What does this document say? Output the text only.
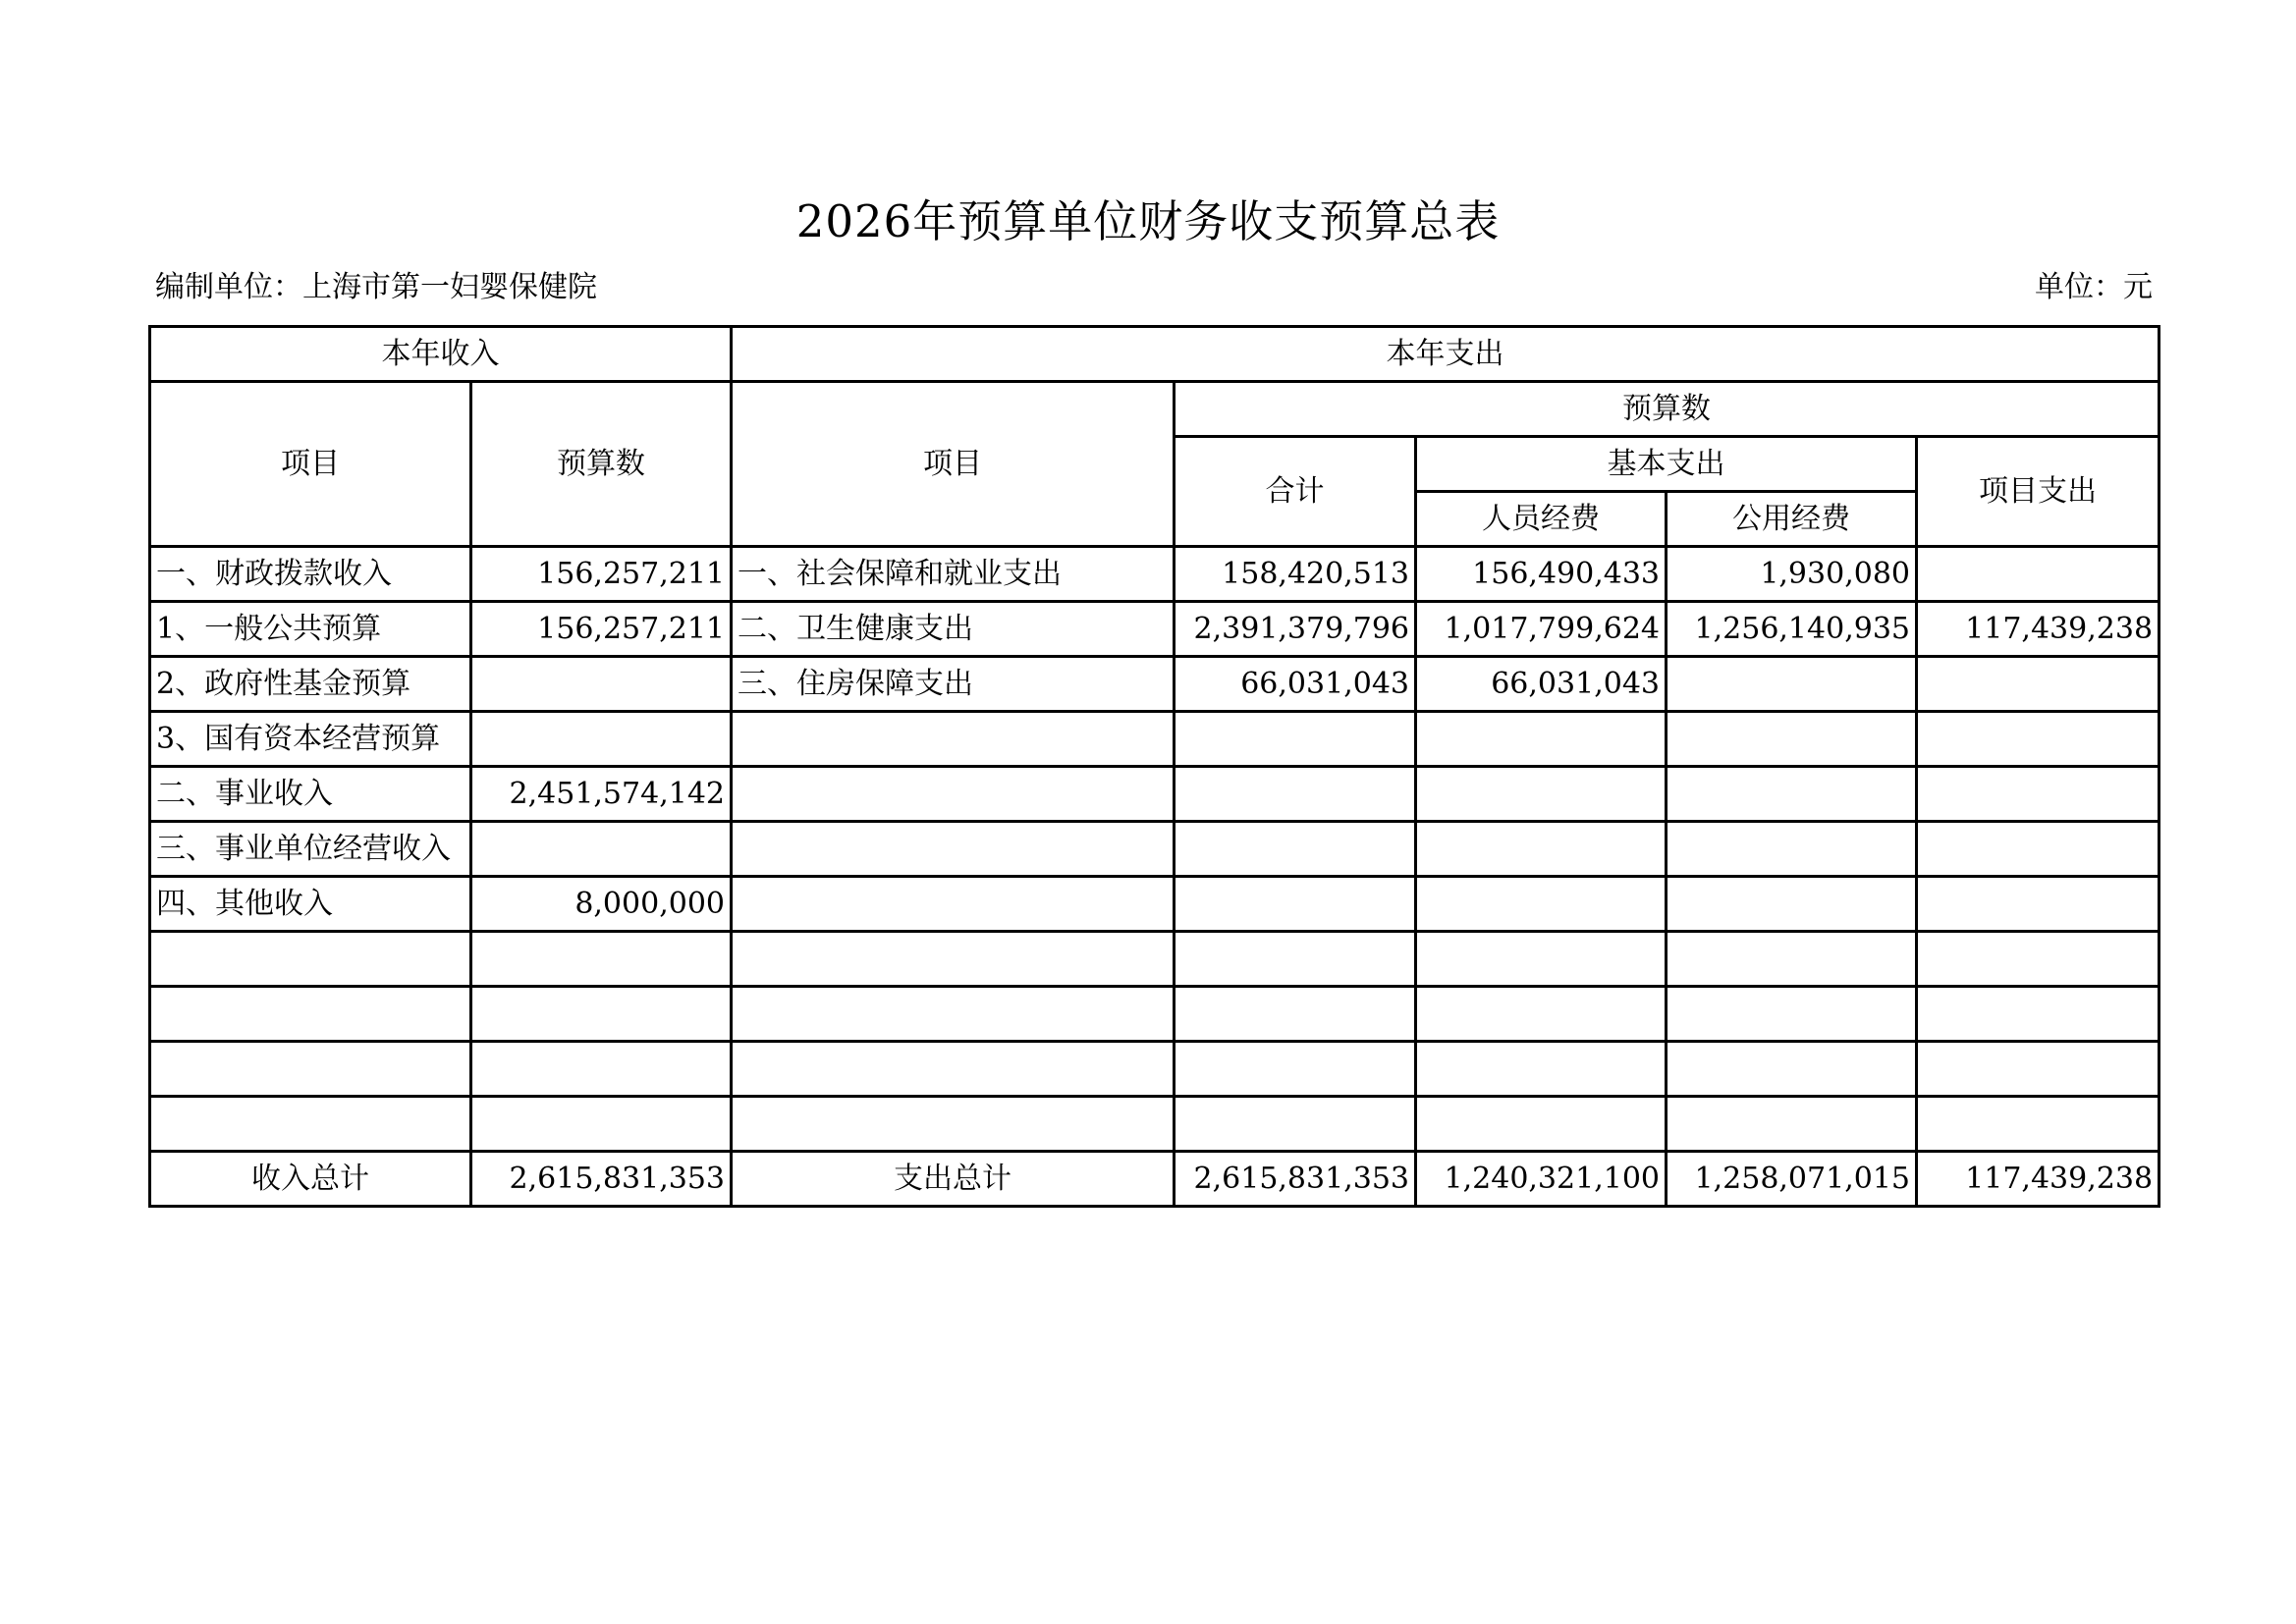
2026年预算单位财务收支预算总表
编制单位：上海市第一妇婴保健院	单位：元
本年收入		本年支出				
项目	预算数	项目	预算数			
			合计	基本支出		项目支出
				人员经费	公用经费	
一、财政拨款收入	156,257,211	一、社会保障和就业支出	158,420,513	156,490,433	1,930,080	
1、一般公共预算	156,257,211	二、卫生健康支出	2,391,379,796	1,017,799,624	1,256,140,935	117,439,238
2、政府性基金预算		三、住房保障支出	66,031,043	66,031,043		
3、国有资本经营预算						
二、事业收入	2,451,574,142					
三、事业单位经营收入						
四、其他收入	8,000,000					

收入总计	2,615,831,353	支出总计	2,615,831,353	1,240,321,100	1,258,071,015	117,439,238
